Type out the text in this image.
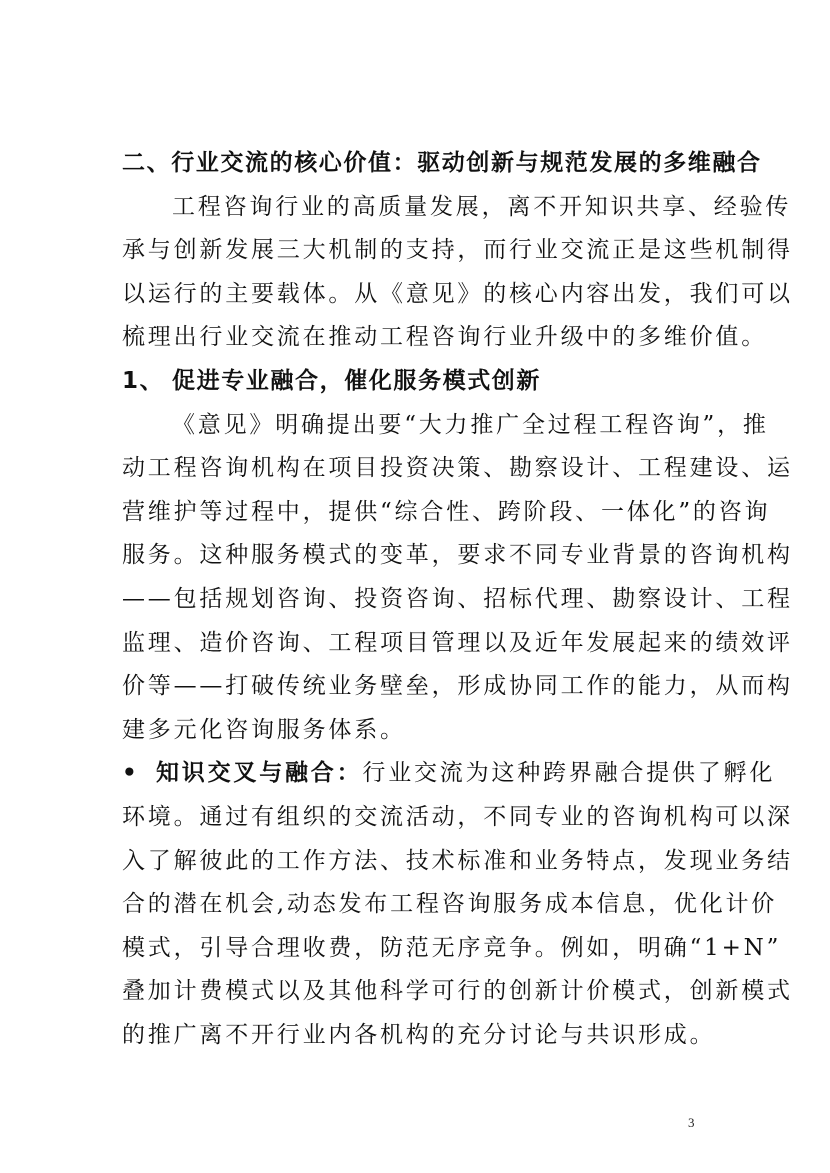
二、行业交流的核心价值：驱动创新与规范发展的多维融合
工程咨询行业的高质量发展，离不开知识共享、经验传
承与创新发展三大机制的支持，而行业交流正是这些机制得
以运行的主要载体。从《意见》的核心内容出发，我们可以
梳理出行业交流在推动工程咨询行业升级中的多维价值。
1、 促进专业融合，催化服务模式创新
《意见》明确提出要“大力推广全过程工程咨询”，推
动工程咨询机构在项目投资决策、勘察设计、工程建设、运
营维护等过程中，提供“综合性、跨阶段、一体化”的咨询
服务。这种服务模式的变革，要求不同专业背景的咨询机构
——包括规划咨询、投资咨询、招标代理、勘察设计、工程
监理、造价咨询、工程项目管理以及近年发展起来的绩效评
价等——打破传统业务壁垒，形成协同工作的能力，从而构
建多元化咨询服务体系。
• 知识交叉与融合：行业交流为这种跨界融合提供了孵化
环境。通过有组织的交流活动，不同专业的咨询机构可以深
入了解彼此的工作方法、技术标准和业务特点，发现业务结
合的潜在机会,动态发布工程咨询服务成本信息，优化计价
模式，引导合理收费，防范无序竞争。例如，明确“1+N”
叠加计费模式以及其他科学可行的创新计价模式，创新模式
的推广离不开行业内各机构的充分讨论与共识形成。
3
